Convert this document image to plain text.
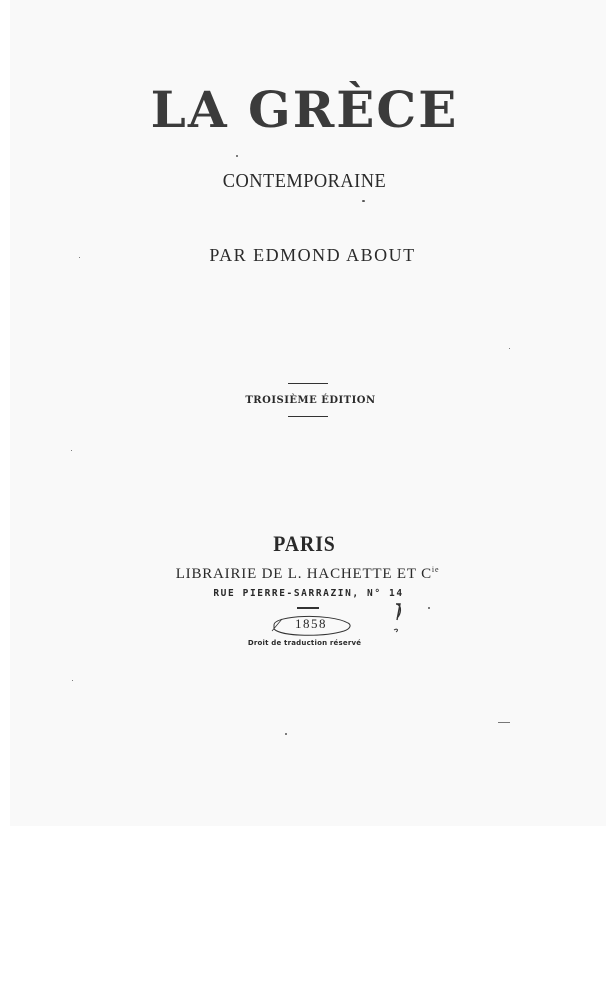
LA GRÈCE
CONTEMPORAINE
PAR EDMOND ABOUT
TROISIÈME ÉDITION
PARIS
LIBRAIRIE DE L. HACHETTE ET $C^{ie}$
RUE PIERRE-SARRAZIN, N° 14
1858
Droit de traduction réservé
